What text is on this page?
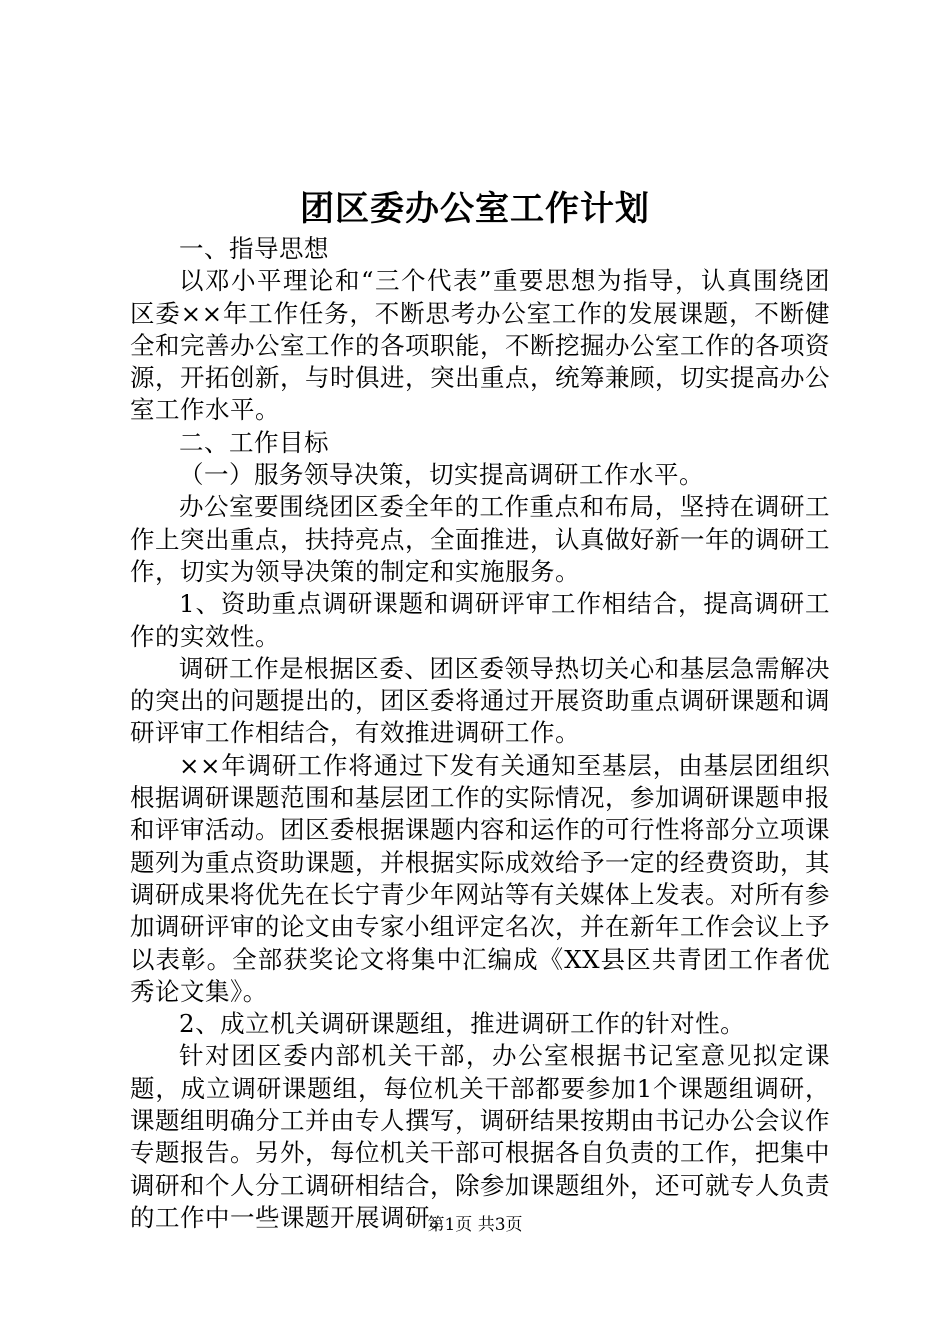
团区委办公室工作计划

一、指导思想

以邓小平理论和“三个代表”重要思想为指导，认真围绕团区委××年工作任务，不断思考办公室工作的发展课题，不断健全和完善办公室工作的各项职能，不断挖掘办公室工作的各项资源，开拓创新，与时俱进，突出重点，统筹兼顾，切实提高办公室工作水平。

二、工作目标

（一）服务领导决策，切实提高调研工作水平。

办公室要围绕团区委全年的工作重点和布局，坚持在调研工作上突出重点，扶持亮点，全面推进，认真做好新一年的调研工作，切实为领导决策的制定和实施服务。

1、资助重点调研课题和调研评审工作相结合，提高调研工作的实效性。

调研工作是根据区委、团区委领导热切关心和基层急需解决的突出的问题提出的，团区委将通过开展资助重点调研课题和调研评审工作相结合，有效推进调研工作。

××年调研工作将通过下发有关通知至基层，由基层团组织根据调研课题范围和基层团工作的实际情况，参加调研课题申报和评审活动。团区委根据课题内容和运作的可行性将部分立项课题列为重点资助课题，并根据实际成效给予一定的经费资助，其调研成果将优先在长宁青少年网站等有关媒体上发表。对所有参加调研评审的论文由专家小组评定名次，并在新年工作会议上予以表彰。全部获奖论文将集中汇编成《XX县区共青团工作者优秀论文集》。

2、成立机关调研课题组，推进调研工作的针对性。

针对团区委内部机关干部，办公室根据书记室意见拟定课题，成立调研课题组，每位机关干部都要参加1个课题组调研，课题组明确分工并由专人撰写，调研结果按期由书记办公会议作专题报告。另外，每位机关干部可根据各自负责的工作，把集中调研和个人分工调研相结合，除参加课题组外，还可就专人负责的工作中一些课题开展调研。

第1页 共3页
